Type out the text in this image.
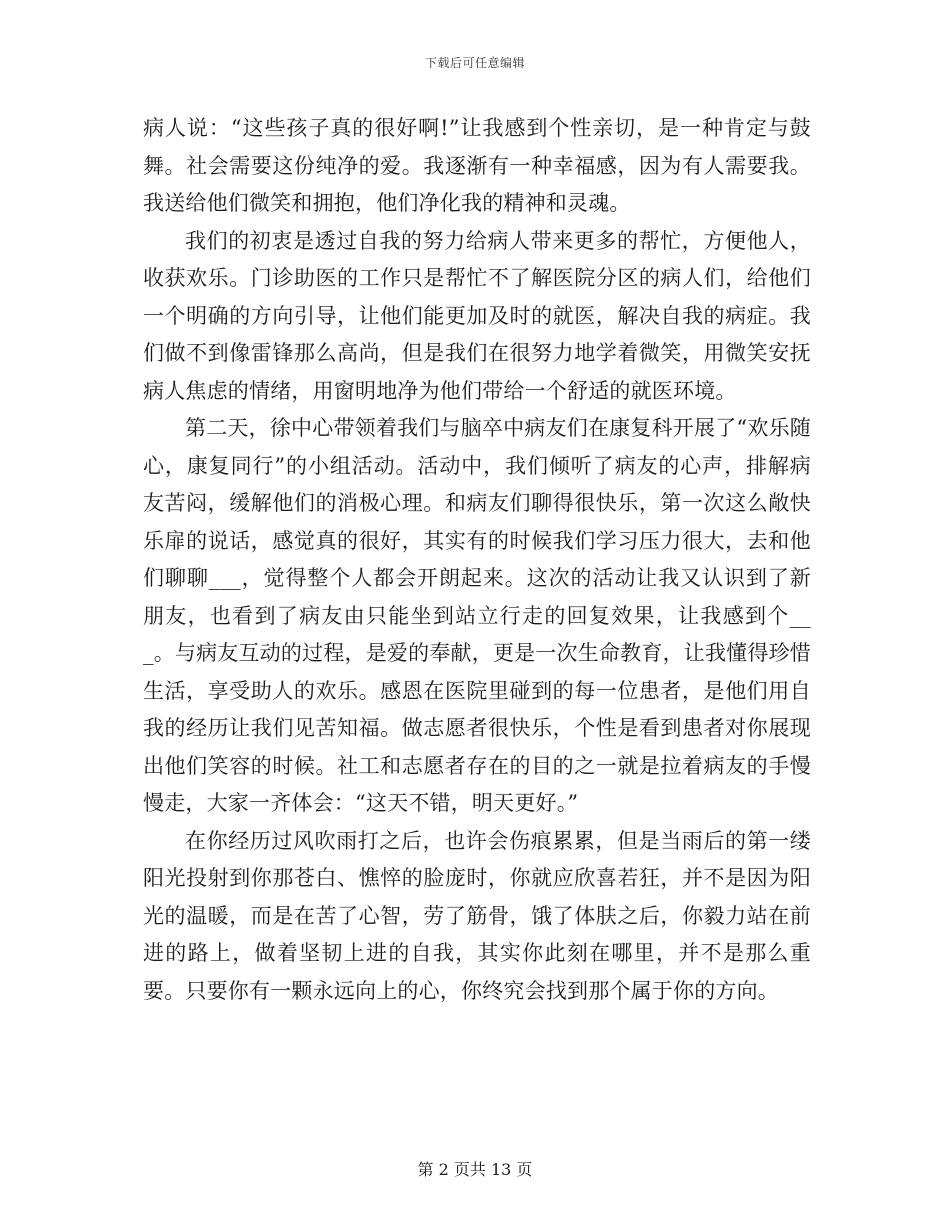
下载后可任意编辑

病人说：“这些孩子真的很好啊!”让我感到个性亲切，是一种肯定与鼓舞。社会需要这份纯净的爱。我逐渐有一种幸福感，因为有人需要我。我送给他们微笑和拥抱，他们净化我的精神和灵魂。

我们的初衷是透过自我的努力给病人带来更多的帮忙，方便他人，收获欢乐。门诊助医的工作只是帮忙不了解医院分区的病人们，给他们一个明确的方向引导，让他们能更加及时的就医，解决自我的病症。我们做不到像雷锋那么高尚，但是我们在很努力地学着微笑，用微笑安抚病人焦虑的情绪，用窗明地净为他们带给一个舒适的就医环境。

第二天，徐中心带领着我们与脑卒中病友们在康复科开展了“欢乐随心，康复同行”的小组活动。活动中，我们倾听了病友的心声，排解病友苦闷，缓解他们的消极心理。和病友们聊得很快乐，第一次这么敞快乐扉的说话，感觉真的很好，其实有的时候我们学习压力很大，去和他们聊聊___，觉得整个人都会开朗起来。这次的活动让我又认识到了新朋友，也看到了病友由只能坐到站立行走的回复效果，让我感到个___。与病友互动的过程，是爱的奉献，更是一次生命教育，让我懂得珍惜生活，享受助人的欢乐。感恩在医院里碰到的每一位患者，是他们用自我的经历让我们见苦知福。做志愿者很快乐，个性是看到患者对你展现出他们笑容的时候。社工和志愿者存在的目的之一就是拉着病友的手慢慢走，大家一齐体会：“这天不错，明天更好。”

在你经历过风吹雨打之后，也许会伤痕累累，但是当雨后的第一缕阳光投射到你那苍白、憔悴的脸庞时，你就应欣喜若狂，并不是因为阳光的温暖，而是在苦了心智，劳了筋骨，饿了体肤之后，你毅力站在前进的路上，做着坚韧上进的自我，其实你此刻在哪里，并不是那么重要。只要你有一颗永远向上的心，你终究会找到那个属于你的方向。

第 2 页共 13 页
